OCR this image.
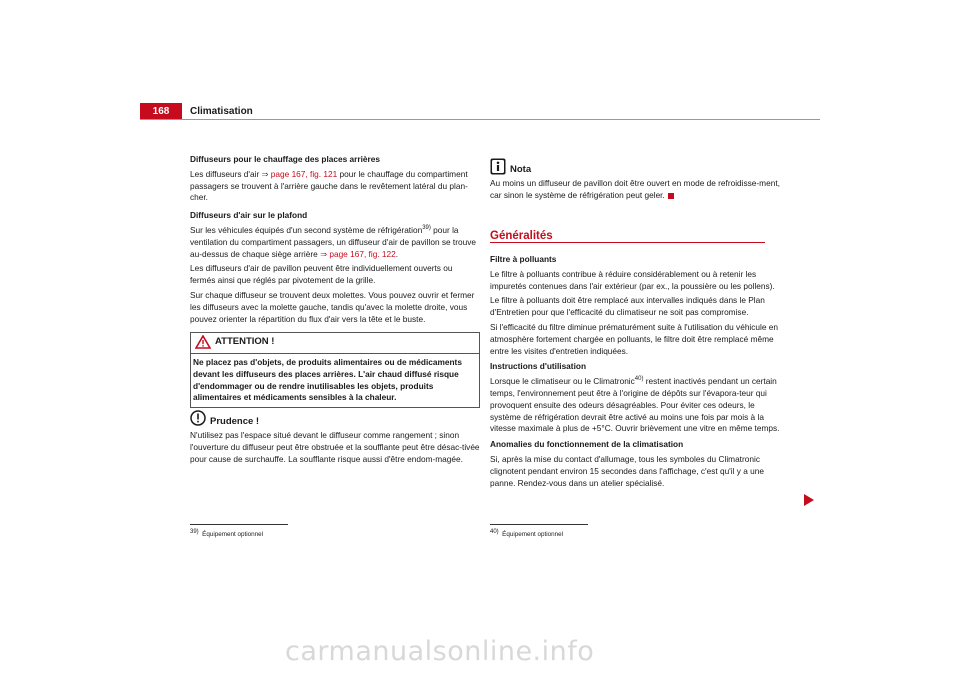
168	Climatisation

Diffuseurs pour le chauffage des places arrières

Les diffuseurs d'air ⇒ page 167, fig. 121 pour le chauffage du compartiment passagers se trouvent à l'arrière gauche dans le revêtement latéral du plan-cher.

Diffuseurs d'air sur le plafond

Sur les véhicules équipés d'un second système de réfrigération$^{39)}$ pour la ventilation du compartiment passagers, un diffuseur d'air de pavillon se trouve au-dessus de chaque siège arrière ⇒ page 167, fig. 122.

Les diffuseurs d'air de pavillon peuvent être individuellement ouverts ou fermés ainsi que réglés par pivotement de la grille.

Sur chaque diffuseur se trouvent deux molettes. Vous pouvez ouvrir et fermer les diffuseurs avec la molette gauche, tandis qu'avec la molette droite, vous pouvez orienter la répartition du flux d'air vers la tête et le buste.

ATTENTION !

Ne placez pas d'objets, de produits alimentaires ou de médicaments devant les diffuseurs des places arrières. L'air chaud diffusé risque d'endommager ou de rendre inutilisables les objets, produits alimentaires et médicaments sensibles à la chaleur.

Prudence !

N'utilisez pas l'espace situé devant le diffuseur comme rangement ; sinon l'ouverture du diffuseur peut être obstruée et la soufflante peut être désac-tivée pour cause de surchauffe. La soufflante risque aussi d'être endom-magée.

39) Équipement optionnel
Nota

Au moins un diffuseur de pavillon doit être ouvert en mode de refroidisse-ment, car sinon le système de réfrigération peut geler.

Généralités

Filtre à polluants

Le filtre à polluants contribue à réduire considérablement ou à retenir les impuretés contenues dans l'air extérieur (par ex., la poussière ou les pollens).

Le filtre à polluants doit être remplacé aux intervalles indiqués dans le Plan d'Entretien pour que l'efficacité du climatiseur ne soit pas compromise.

Si l'efficacité du filtre diminue prématurément suite à l'utilisation du véhicule en atmosphère fortement chargée en polluants, le filtre doit être remplacé même entre les visites d'entretien indiquées.

Instructions d'utilisation

Lorsque le climatiseur ou le Climatronic$^{40)}$ restent inactivés pendant un certain temps, l'environnement peut être à l'origine de dépôts sur l'évapora-teur qui provoquent ensuite des odeurs désagréables. Pour éviter ces odeurs, le système de réfrigération devrait être activé au moins une fois par mois à la vitesse maximale à plus de +5°C. Ouvrir brièvement une vitre en même temps.

Anomalies du fonctionnement de la climatisation

Si, après la mise du contact d'allumage, tous les symboles du Climatronic clignotent pendant environ 15 secondes dans l'affichage, c'est qu'il y a une panne. Rendez-vous dans un atelier spécialisé.

40) Équipement optionnel
carmanualsonline.info
